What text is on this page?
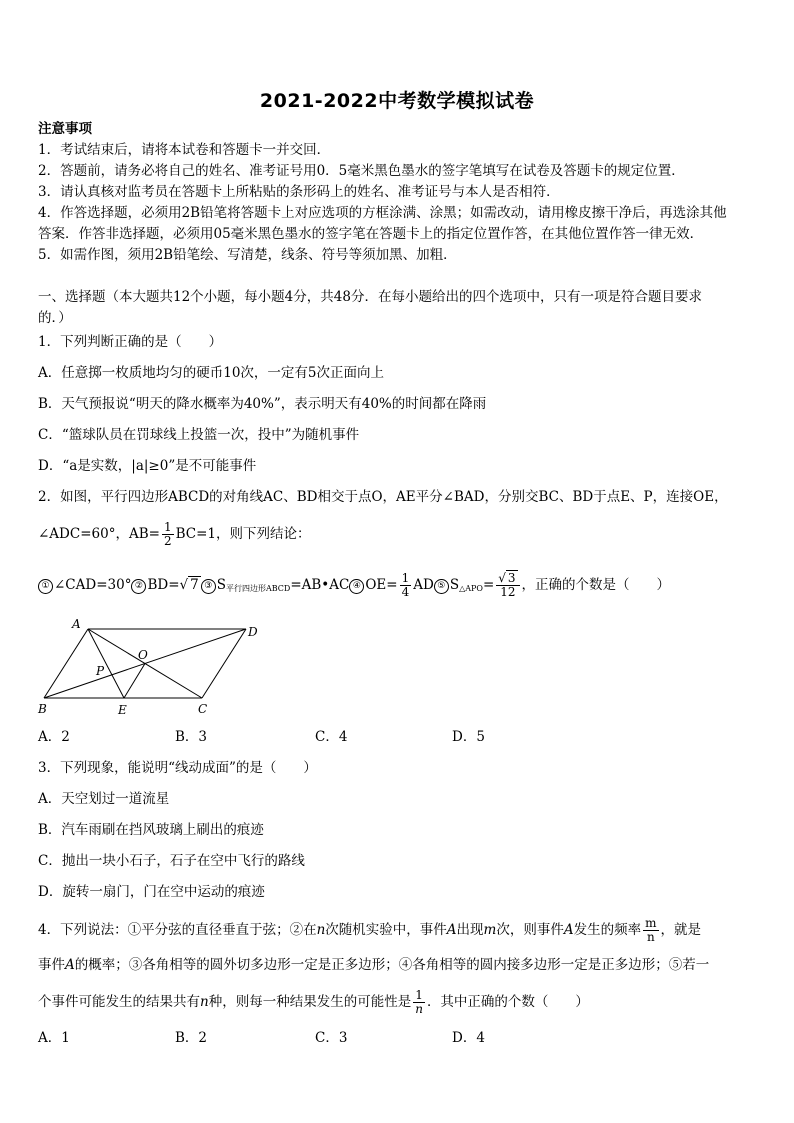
2021-2022中考数学模拟试卷
注意事项
1．考试结束后，请将本试卷和答题卡一并交回．
2．答题前，请务必将自己的姓名、准考证号用0．5毫米黑色墨水的签字笔填写在试卷及答题卡的规定位置．
3．请认真核对监考员在答题卡上所粘贴的条形码上的姓名、准考证号与本人是否相符．
4．作答选择题，必须用2B铅笔将答题卡上对应选项的方框涂满、涂黑；如需改动，请用橡皮擦干净后，再选涂其他
答案．作答非选择题，必须用05毫米黑色墨水的签字笔在答题卡上的指定位置作答，在其他位置作答一律无效．
5．如需作图，须用2B铅笔绘、写清楚，线条、符号等须加黑、加粗．
一、选择题（本大题共12个小题，每小题4分，共48分．在每小题给出的四个选项中，只有一项是符合题目要求
的．）
1．下列判断正确的是（　　）
A．任意掷一枚质地均匀的硬币10次，一定有5次正面向上
B．天气预报说“明天的降水概率为40%”，表示明天有40%的时间都在降雨
C．“篮球队员在罚球线上投篮一次，投中”为随机事件
D．“a是实数，|a|≥0”是不可能事件
2．如图，平行四边形ABCD的对角线AC、BD相交于点O，AE平分∠BAD，分别交BC、BD于点E、P，连接OE，
∠ADC=60°，$AB= \frac{1}{2} BC=1$，则下列结论：
① ∠CAD=30° ② BD=√ 7 ③ $S_{平行四边形ABCD}=AB•AC$ ④ $OE= \frac{1}{4}$ AD ⑤ $S_{\triangle APO}= \frac{√ 3}{12}$ ，正确的个数是（　　）
A
D
O
P
B	E	C
A．2	B．3	C．4	D．5
3．下列现象，能说明“线动成面”的是（　　）
A．天空划过一道流星
B．汽车雨刷在挡风玻璃上刷出的痕迹
C．抛出一块小石子，石子在空中飞行的路线
D．旋转一扇门，门在空中运动的痕迹
4．下列说法：①平分弦的直径垂直于弦；②在n次随机实验中，事件A出现m次，则事件A发生的频率 $\frac{m}{n}$ ，就是
事件A的概率；③各角相等的圆外切多边形一定是正多边形；④各角相等的圆内接多边形一定是正多边形；⑤若一
个事件可能发生的结果共有n种，则每一种结果发生的可能性是 $\frac{1}{n}$ ．其中正确的个数（　　）
A．1	B．2	C．3	D．4
